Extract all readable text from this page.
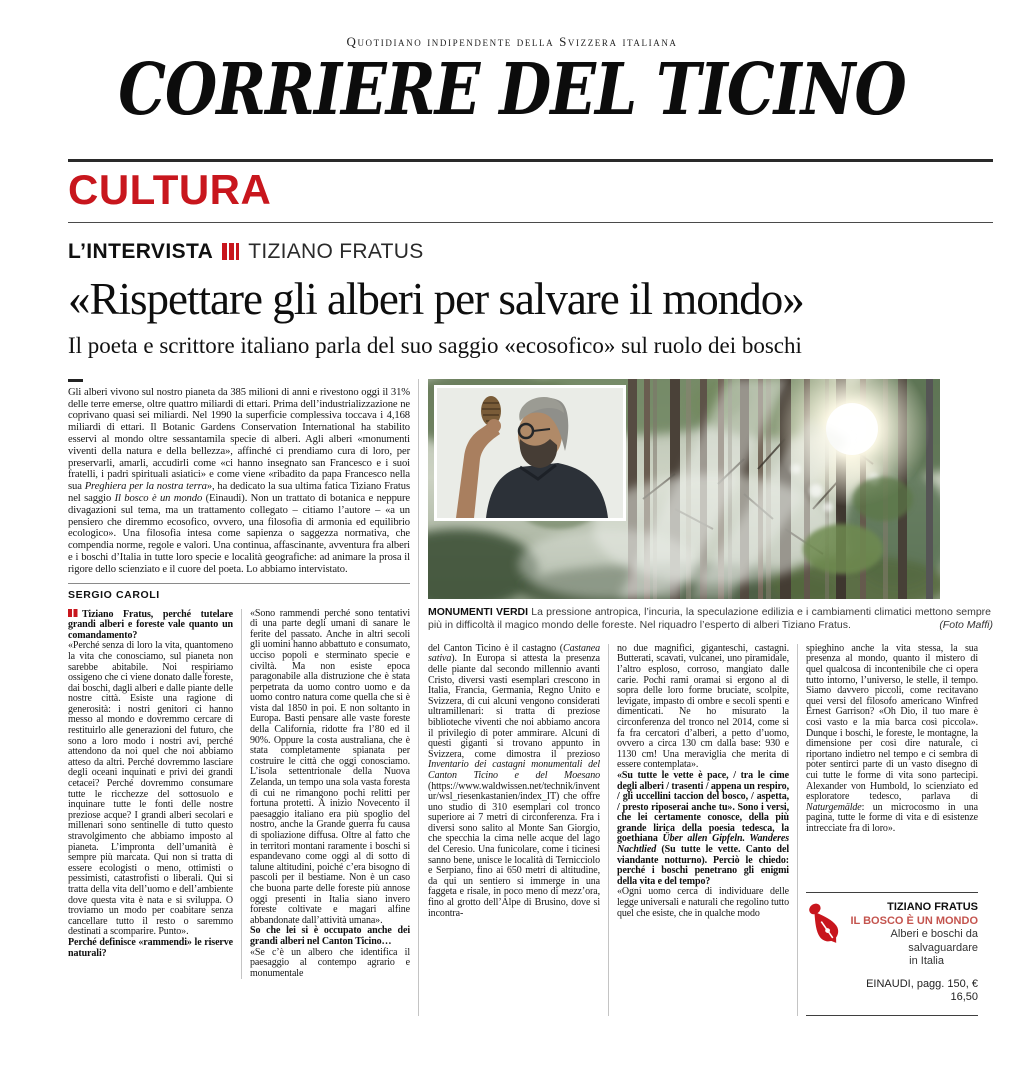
Quotidiano indipendente della Svizzera italiana
CORRIERE DEL TICINO
CULTURA
L’INTERVISTA TIZIANO FRATUS
«Rispettare gli alberi per salvare il mondo»
Il poeta e scrittore italiano parla del suo saggio «ecosofico» sul ruolo dei boschi

Gli alberi vivono sul nostro pianeta da 385 milioni di anni e rivestono oggi il 31% delle terre emerse, oltre quattro miliardi di ettari. Prima dell’industrializzazione ne coprivano quasi sei miliardi. Nel 1990 la superficie complessiva toccava i 4,168 miliardi di ettari. Il Botanic Gardens Conservation International ha stabilito esservi al mondo oltre sessantamila specie di alberi. Agli alberi «monumenti viventi della natura e della bellezza», affinché ci prendiamo cura di loro, per preservarli, amarli, accudirli come «ci hanno insegnato san Francesco e i suoi fratelli, i padri spirituali asiatici» e come viene «ribadito da papa Francesco nella sua Preghiera per la nostra terra», ha dedicato la sua ultima fatica Tiziano Fratus nel saggio Il bosco è un mondo (Einaudi). Non un trattato di botanica e neppure divagazioni sul tema, ma un trattamento collegato – citiamo l’autore – «a un pensiero che diremmo ecosofico, ovvero, una filosofia di armonia ed equilibrio ecologico». Una filosofia intesa come sapienza o saggezza normativa, che compendia norme, regole e valori. Una continua, affascinante, avventura fra alberi e i boschi d’Italia in tutte loro specie e località geografiche: ad animare la prosa il rigore dello scienziato e il cuore del poeta. Lo abbiamo intervistato.

SERGIO CAROLI

Tiziano Fratus, perché tutelare grandi alberi e foreste vale quanto un comandamento?

«Perché senza di loro la vita, quantomeno la vita che conosciamo, sul pianeta non sarebbe abitabile. Noi respiriamo ossigeno che ci viene donato dalle foreste, dai boschi, dagli alberi e dalle piante delle nostre città. Esiste una ragione di generosità: i nostri genitori ci hanno messo al mondo e dovremmo cercare di restituirlo alle generazioni del futuro, che sono a loro modo i nostri avi, perché attendono da noi quel che noi abbiamo atteso da altri. Perché dovremmo lasciare degli oceani inquinati e privi dei grandi cetacei? Perché dovremmo consumare tutte le ricchezze del sottosuolo e inquinare tutte le fonti delle nostre preziose acque? I grandi alberi secolari e millenari sono sentinelle di tutto questo stravolgimento che abbiamo imposto al pianeta. L’impronta dell’umanità è sempre più marcata. Qui non si tratta di essere ecologisti o meno, ottimisti o pessimisti, catastrofisti o liberali. Qui si tratta della vita dell’uomo e dell’ambiente dove questa vita è nata e si sviluppa. O troviamo un modo per coabitare senza cancellare tutto il resto o saremmo destinati a scomparire. Punto».

Perché definisce «rammendi» le riserve naturali?

«Sono rammendi perché sono tentativi di una parte degli umani di sanare le ferite del passato. Anche in altri secoli gli uomini hanno abbattuto e consumato, ucciso popoli e sterminato specie e civiltà. Ma non esiste epoca paragonabile alla distruzione che è stata perpetrata da uomo contro uomo e da uomo contro natura come quella che si è vista dal 1850 in poi. E non soltanto in Europa. Basti pensare alle vaste foreste della California, ridotte fra l’80 ed il 90%. Oppure la costa australiana, che è stata completamente spianata per costruire le città che oggi conosciamo. L’isola settentrionale della Nuova Zelanda, un tempo una sola vasta foresta di cui ne rimangono pochi relitti per fortuna protetti. A inizio Novecento il paesaggio italiano era più spoglio del nostro, anche la Grande guerra fu causa di spoliazione diffusa. Oltre al fatto che in territori montani raramente i boschi si espandevano come oggi al di sotto di talune altitudini, poiché c’era bisogno di pascoli per il bestiame. Non è un caso che buona parte delle foreste più annose oggi presenti in Italia siano invero foreste coltivate e magari alfine abbandonate dall’attività umana».

So che lei si è occupato anche dei grandi alberi nel Canton Ticino…

«Se c’è un albero che identifica il paesaggio al contempo agrario e monumentale

MONUMENTI VERDI La pressione antropica, l’incuria, la speculazione edilizia e i cambiamenti climatici mettono sempre più in difficoltà il magico mondo delle foreste. Nel riquadro l’esperto di alberi Tiziano Fratus.	(Foto Maffi)

del Canton Ticino è il castagno (Castanea sativa). In Europa si attesta la presenza delle piante dal secondo millennio avanti Cristo, diversi vasti esemplari crescono in Italia, Francia, Germania, Regno Unito e Svizzera, di cui alcuni vengono considerati ultramillenari: si tratta di preziose biblioteche viventi che noi abbiamo ancora il privilegio di poter ammirare. Alcuni di questi giganti si trovano appunto in Svizzera, come dimostra il prezioso Inventario dei castagni monumentali del Canton Ticino e del Moesano (https://www.waldwissen.net/technik/inventur/wsl_riesenkastanien/index_IT) che offre uno studio di 310 esemplari col tronco superiore ai 7 metri di circonferenza. Fra i diversi sono salito al Monte San Giorgio, che specchia la cima nelle acque del lago del Ceresio. Una funicolare, come i ticinesi sanno bene, unisce le località di Ternicciolo e Serpiano, fino ai 650 metri di altitudine, da qui un sentiero si immerge in una faggeta e risale, in poco meno di mezz’ora, fino al grotto dell’Alpe di Brusino, dove si incontra-

no due magnifici, giganteschi, castagni. Butterati, scavati, vulcanei, uno piramidale, l’altro esploso, corroso, mangiato dalle carie. Pochi rami oramai si ergono al di sopra delle loro forme bruciate, scolpite, levigate, impasto di ombre e secoli spenti e dimenticati. Ne ho misurato la circonferenza del tronco nel 2014, come si fa fra cercatori d’alberi, a petto d’uomo, ovvero a circa 130 cm dalla base: 930 e 1130 cm! Una meraviglia che merita di essere contemplata».

«Su tutte le vette è pace, / tra le cime degli alberi / trasenti / appena un respiro, / gli uccellini taccion del bosco, / aspetta, / presto riposerai anche tu». Sono i versi, che lei certamente conosce, della più grande lirica della poesia tedesca, la goethiana Über allen Gipfeln. Wanderes Nachtlied (Su tutte le vette. Canto del viandante notturno). Perciò le chiedo: perché i boschi penetrano gli enigmi della vita e del tempo?

«Ogni uomo cerca di individuare delle legge universali e naturali che regolino tutto quel che esiste, che in qualche modo

spieghino anche la vita stessa, la sua presenza al mondo, quanto il mistero di quel qualcosa di incontenibile che ci opera tutto intorno, l’universo, le stelle, il tempo. Siamo davvero piccoli, come recitavano quei versi del filosofo americano Winfred Ernest Garrison? «Oh Dio, il tuo mare è così vasto e la mia barca così piccola». Dunque i boschi, le foreste, le montagne, la dimensione per così dire naturale, ci riportano indietro nel tempo e ci sembra di poter sentirci parte di un vasto disegno di cui tutte le forme di vita sono partecipi. Alexander von Humbold, lo scienziato ed esploratore tedesco, parlava di Naturgemälde: un microcosmo in una pagina, tutte le forme di vita e di esistenze intrecciate fra di loro».

TIZIANO FRATUS
IL BOSCO È UN MONDO
Alberi e boschi da salvaguardare
in Italia
EINAUDI, pagg. 150, € 16,50
